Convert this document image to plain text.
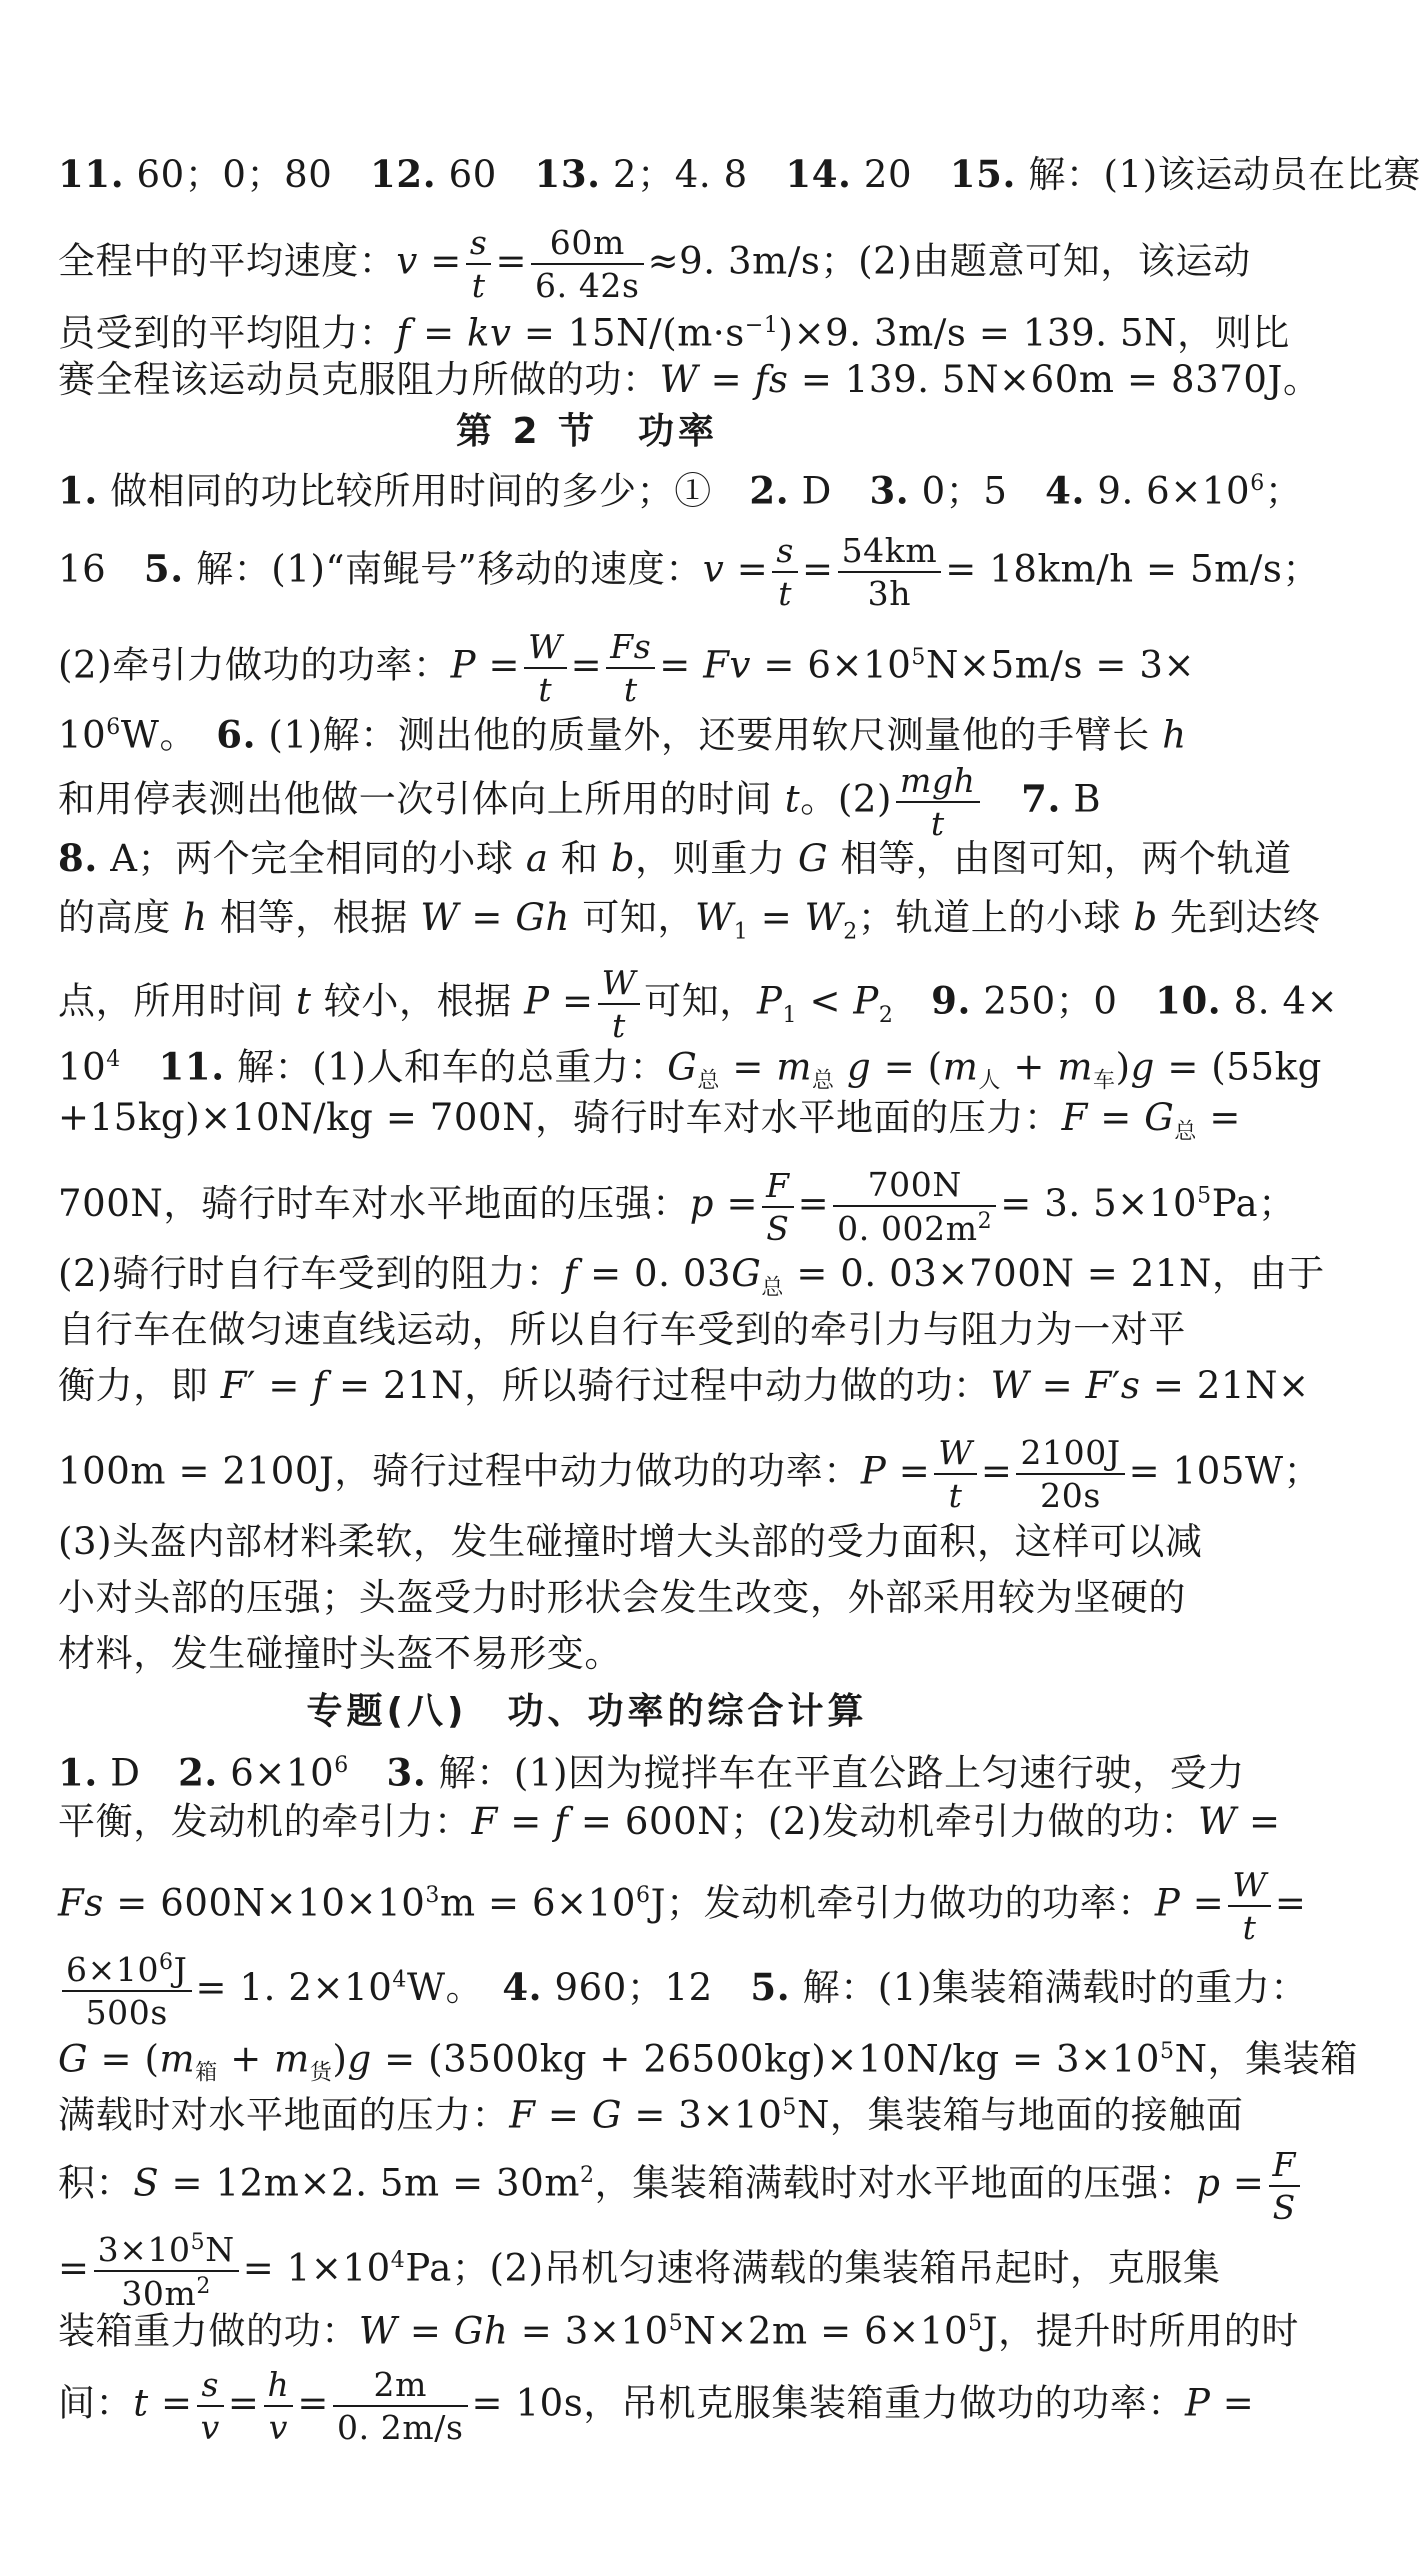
11. 60；0；80　12. 60　13. 2；4. 8　14. 20　15. 解：(1)该运动员在比赛
全程中的平均速度：$v = \frac{s}{t} = \frac{60m}{6. 42s} \approx 9$. 3m/s；(2)由题意可知，该运动
员受到的平均阻力：f = kv = $15N/(m\cdot s^{-1})\times 9$. 3m/s = 139. 5N，则比
赛全程该运动员克服阻力所做的功：W = fs = 139. 5N×60m = 8370J。
第 2 节　功率
1. 做相同的功比较所用时间的多少；①　2. D　3. 0；5　4. 9. $6\times 10^6$；
16　5. 解：(1)“南鲲号”移动的速度：$v = \frac{s}{t} = \frac{54km}{3h} = 18km/h = 5m/s$；
(2)牵引力做功的功率：$P = \frac{W}{t} = \frac{Fs}{t} = Fv = 6\times 10^5N\times 5m/s = 3\times$
$10^6W$。　6. (1)解：测出他的质量外，还要用软尺测量他的手臂长 h
和用停表测出他做一次引体向上所用的时间 t。$(2) \frac{\text{mgh}}{t}$
　 7. B
8. A；两个完全相同的小球 a 和 b，则重力 G 相等，由图可知，两个轨道
的高度 h 相等，根据 W = Gh 可知，$W_1 = W_2$；轨道上的小球 b 先到达终
点，所用时间 t 较小，根据 $P = \frac{W}{t}$ 可知，$P_1 < P_2$　 9. 250；0　10. 8. 4×
$10^4$　 11. 解：(1)人和车的总重力：$G_总 = m_总$ $g = (m_人 + m_车)g = (55kg$
+15kg)×10N/kg = 700N，骑行时车对水平地面的压力：$F = G_总$ =
700N，骑行时车对水平地面的压强：$p = \frac{F}{S} = \frac{700N}{0. 002m^2} = 3$. $5\times 10^5Pa$；
(2)骑行时自行车受到的阻力：f = 0. $03G_总 = 0$. 03×700N = 21N，由于
自行车在做匀速直线运动，所以自行车受到的牵引力与阻力为一对平
衡力，即 F′ = f = 21N，所以骑行过程中动力做的功：W = F′s = 21N×
100m = 2100J，骑行过程中动力做功的功率：$P = \frac{W}{t} = \frac{2100J}{20s} = 105W$；
(3)头盔内部材料柔软，发生碰撞时增大头部的受力面积，这样可以减
小对头部的压强；头盔受力时形状会发生改变，外部采用较为坚硬的
材料，发生碰撞时头盔不易形变。
专题(八)　功、功率的综合计算
1. D　2. $6\times 10^6$　 3. 解：(1)因为搅拌车在平直公路上匀速行驶，受力
平衡，发动机的牵引力：F = f = 600N；(2)发动机牵引力做的功：W =
$Fs = 600N\times 10\times 10^3m = 6\times 10^6J$；发动机牵引力做功的功率：$P = \frac{W}{t}$ =
$\frac{6\times 10^6J}{500s} = 1$. $2\times 10^4W$。　4. 960；12　5. 解：(1)集装箱满载时的重力：
$G = (m_箱 + m_货)g = (3500kg + 26500kg)\times 10N/kg = 3\times 10^5N$，集装箱
满载时对水平地面的压力：$F = G = 3\times 10^5N$，集装箱与地面的接触面
积：S = 12m×2. $5m = 30m^2$，集装箱满载时对水平地面的压强：$p = \frac{F}{S}$
= $\frac{3\times 10^5N}{30m^2} = 1\times 10^4Pa$；(2)吊机匀速将满载的集装箱吊起时，克服集
装箱重力做的功：$W = Gh = 3\times 10^5N\times 2m = 6\times 10^5J$，提升时所用的时
间：$t = \frac{s}{v} = \frac{h}{v} = \frac{2m}{0. 2m/s} = 10s$，吊机克服集装箱重力做功的功率：P =
